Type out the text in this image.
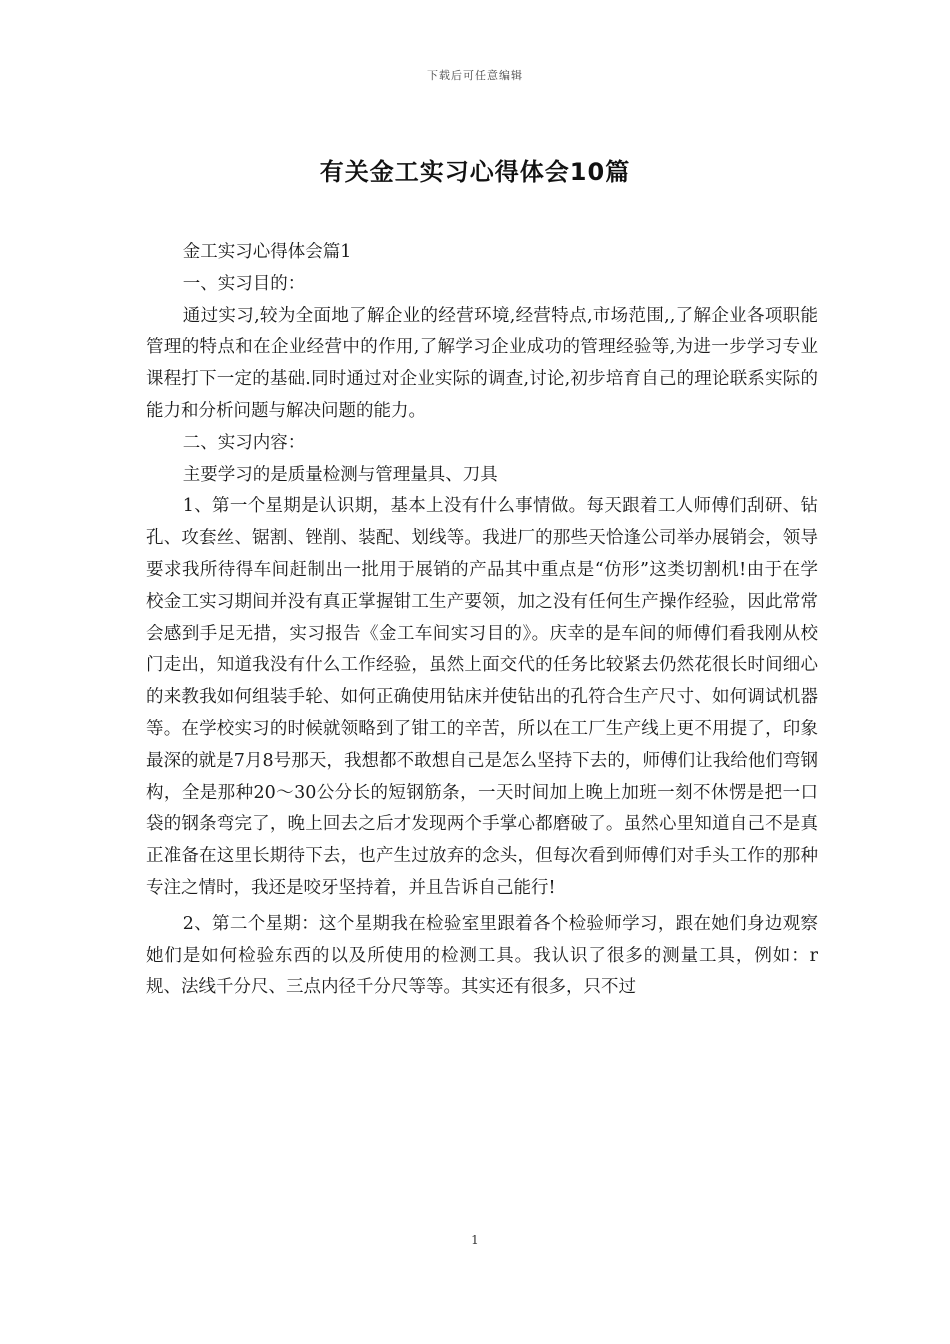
下载后可任意编辑
有关金工实习心得体会10篇

金工实习心得体会篇1

一、实习目的：

通过实习,较为全面地了解企业的经营环境,经营特点,市场范围,,了解企业各项职能管理的特点和在企业经营中的作用,了解学习企业成功的管理经验等,为进一步学习专业课程打下一定的基础.同时通过对企业实际的调查,讨论,初步培育自己的理论联系实际的能力和分析问题与解决问题的能力。

二、实习内容：

主要学习的是质量检测与管理量具、刀具

1、第一个星期是认识期，基本上没有什么事情做。每天跟着工人师傅们刮研、钻孔、攻套丝、锯割、锉削、装配、划线等。我进厂的那些天恰逢公司举办展销会，领导要求我所待得车间赶制出一批用于展销的产品其中重点是“仿形”这类切割机!由于在学校金工实习期间并没有真正掌握钳工生产要领，加之没有任何生产操作经验，因此常常会感到手足无措，实习报告《金工车间实习目的》。庆幸的是车间的师傅们看我刚从校门走出，知道我没有什么工作经验，虽然上面交代的任务比较紧去仍然花很长时间细心的来教我如何组装手轮、如何正确使用钻床并使钻出的孔符合生产尺寸、如何调试机器等。在学校实习的时候就领略到了钳工的辛苦，所以在工厂生产线上更不用提了，印象最深的就是7月8号那天，我想都不敢想自己是怎么坚持下去的，师傅们让我给他们弯钢构，全是那种20～30公分长的短钢筋条，一天时间加上晚上加班一刻不休愣是把一口袋的钢条弯完了，晚上回去之后才发现两个手掌心都磨破了。虽然心里知道自己不是真正准备在这里长期待下去，也产生过放弃的念头，但每次看到师傅们对手头工作的那种专注之情时，我还是咬牙坚持着，并且告诉自己能行!

2、第二个星期：这个星期我在检验室里跟着各个检验师学习，跟在她们身边观察她们是如何检验东西的以及所使用的检测工具。我认识了很多的测量工具，例如：r规、法线千分尺、三点内径千分尺等等。其实还有很多，只不过

1
